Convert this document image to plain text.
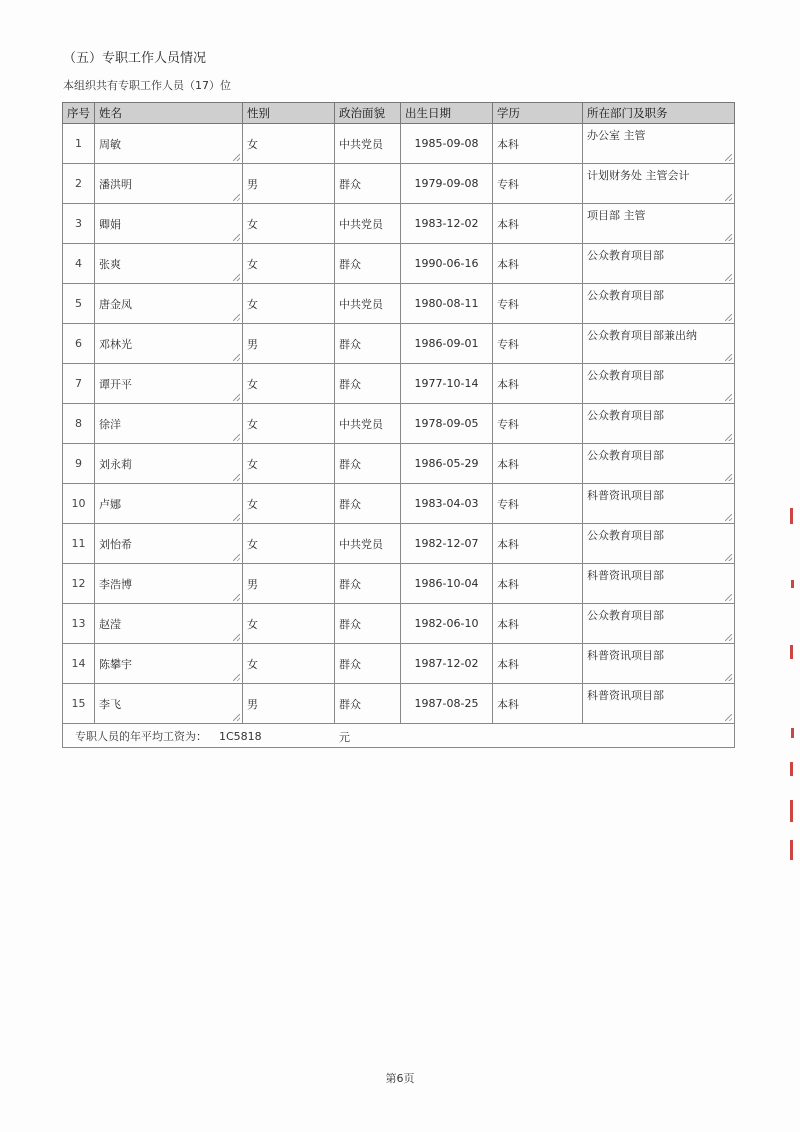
（五）专职工作人员情况
本组织共有专职工作人员（17）位
序号	姓名	性别	政治面貌	出生日期	学历	所在部门及职务
1	周敏	女	中共党员	1985-09-08	本科	办公室 主管

2	潘洪明	男	群众	1979-09-08	专科	计划财务处 主管会计

3	卿娟	女	中共党员	1983-12-02	本科	项目部 主管

4	张爽	女	群众	1990-06-16	本科	公众教育项目部

5	唐金凤	女	中共党员	1980-08-11	专科	公众教育项目部

6	邓林光	男	群众	1986-09-01	专科	公众教育项目部兼出纳

7	谭开平	女	群众	1977-10-14	本科	公众教育项目部

8	徐洋	女	中共党员	1978-09-05	专科	公众教育项目部

9	刘永莉	女	群众	1986-05-29	本科	公众教育项目部

10	卢娜	女	群众	1983-04-03	专科	科普资讯项目部

11	刘怡希	女	中共党员	1982-12-07	本科	公众教育项目部

12	李浩博	男	群众	1986-10-04	本科	科普资讯项目部

13	赵滢	女	群众	1982-06-10	本科	公众教育项目部

14	陈攀宇	女	群众	1987-12-02	本科	科普资讯项目部

15	李飞	男	群众	1987-08-25	本科	科普资讯项目部

专职人员的年平均工资为： 1C5818 元						
第6页
